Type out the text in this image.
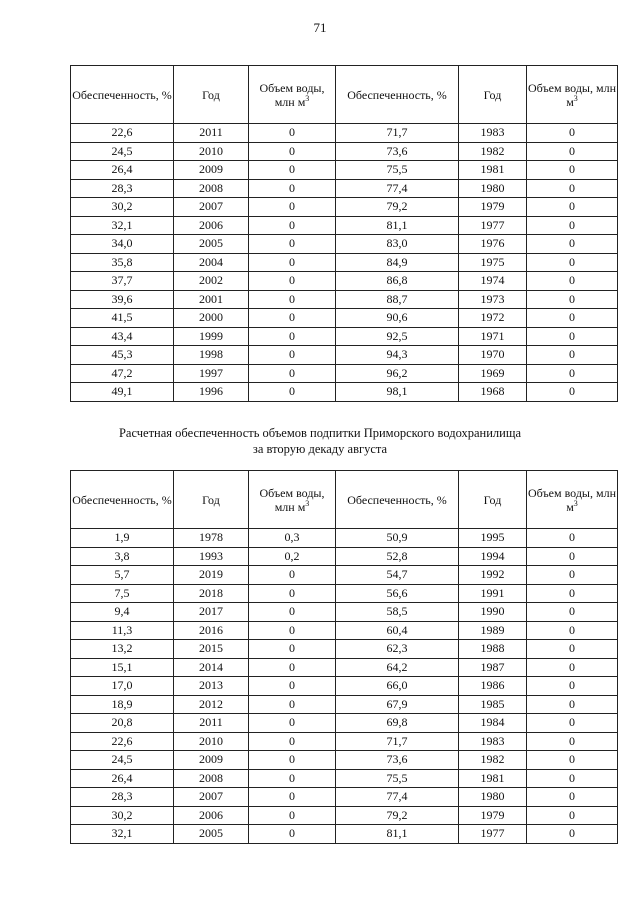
71
Обеспеченность, %	Год	Объем воды, млн $м^3$	Обеспеченность, %	Год	Объем воды, млн $м^3$
22,6	2011	0	71,7	1983	0
24,5	2010	0	73,6	1982	0
26,4	2009	0	75,5	1981	0
28,3	2008	0	77,4	1980	0
30,2	2007	0	79,2	1979	0
32,1	2006	0	81,1	1977	0
34,0	2005	0	83,0	1976	0
35,8	2004	0	84,9	1975	0
37,7	2002	0	86,8	1974	0
39,6	2001	0	88,7	1973	0
41,5	2000	0	90,6	1972	0
43,4	1999	0	92,5	1971	0
45,3	1998	0	94,3	1970	0
47,2	1997	0	96,2	1969	0
49,1	1996	0	98,1	1968	0
Расчетная обеспеченность объемов подпитки Приморского водохранилища
за вторую декаду августа
Обеспеченность, %	Год	Объем воды, млн $м^3$	Обеспеченность, %	Год	Объем воды, млн $м^3$
1,9	1978	0,3	50,9	1995	0
3,8	1993	0,2	52,8	1994	0
5,7	2019	0	54,7	1992	0
7,5	2018	0	56,6	1991	0
9,4	2017	0	58,5	1990	0
11,3	2016	0	60,4	1989	0
13,2	2015	0	62,3	1988	0
15,1	2014	0	64,2	1987	0
17,0	2013	0	66,0	1986	0
18,9	2012	0	67,9	1985	0
20,8	2011	0	69,8	1984	0
22,6	2010	0	71,7	1983	0
24,5	2009	0	73,6	1982	0
26,4	2008	0	75,5	1981	0
28,3	2007	0	77,4	1980	0
30,2	2006	0	79,2	1979	0
32,1	2005	0	81,1	1977	0
